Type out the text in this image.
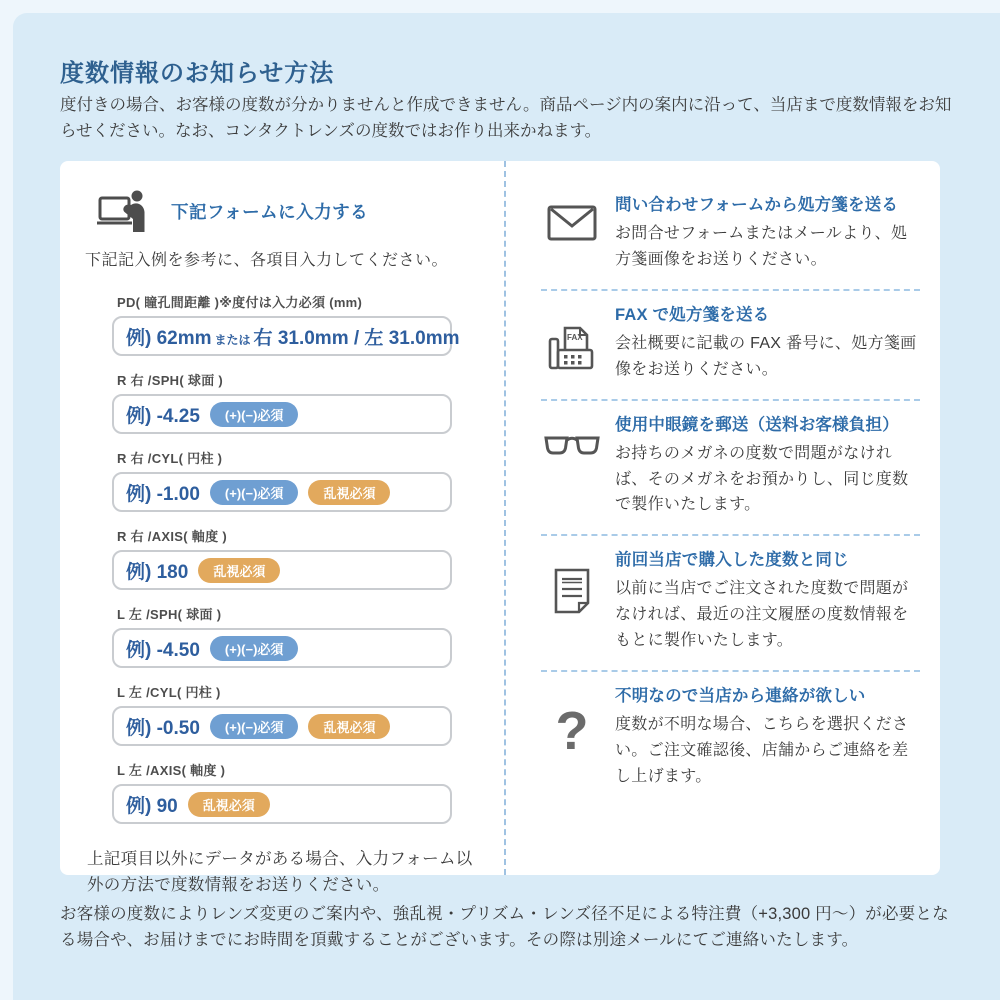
度数情報のお知らせ方法
度付きの場合、お客様の度数が分かりませんと作成できません。商品ページ内の案内に沿って、当店まで度数情報をお知らせください。なお、コンタクトレンズの度数ではお作り出来かねます。
下記フォームに入力する
下記記入例を参考に、各項目入力してください。
PD( 瞳孔間距離 )※度付は入力必須 (mm)
例) 62mm または 右 31.0mm / 左 31.0mm
R 右 /SPH( 球面 )
例) -4.25	(+)(−)必須
R 右 /CYL( 円柱 )
例) -1.00	(+)(−)必須	乱視必須
R 右 /AXIS( 軸度 )
例) 180	乱視必須
L 左 /SPH( 球面 )
例) -4.50	(+)(−)必須
L 左 /CYL( 円柱 )
例) -0.50	(+)(−)必須	乱視必須
L 左 /AXIS( 軸度 )
例) 90	乱視必須
上記項目以外にデータがある場合、入力フォーム以外の方法で度数情報をお送りください。
問い合わせフォームから処方箋を送る
お問合せフォームまたはメールより、処方箋画像をお送りください。
FAX
FAX で処方箋を送る
会社概要に記載の FAX 番号に、処方箋画像をお送りください。
使用中眼鏡を郵送（送料お客様負担）
お持ちのメガネの度数で問題がなければ、そのメガネをお預かりし、同じ度数で製作いたします。
前回当店で購入した度数と同じ
以前に当店でご注文された度数で問題がなければ、最近の注文履歴の度数情報をもとに製作いたします。
?
不明なので当店から連絡が欲しい
度数が不明な場合、こちらを選択ください。ご注文確認後、店舗からご連絡を差し上げます。
お客様の度数によりレンズ変更のご案内や、強乱視・プリズム・レンズ径不足による特注費（+3,300 円〜）が必要となる場合や、お届けまでにお時間を頂戴することがございます。その際は別途メールにてご連絡いたします。
